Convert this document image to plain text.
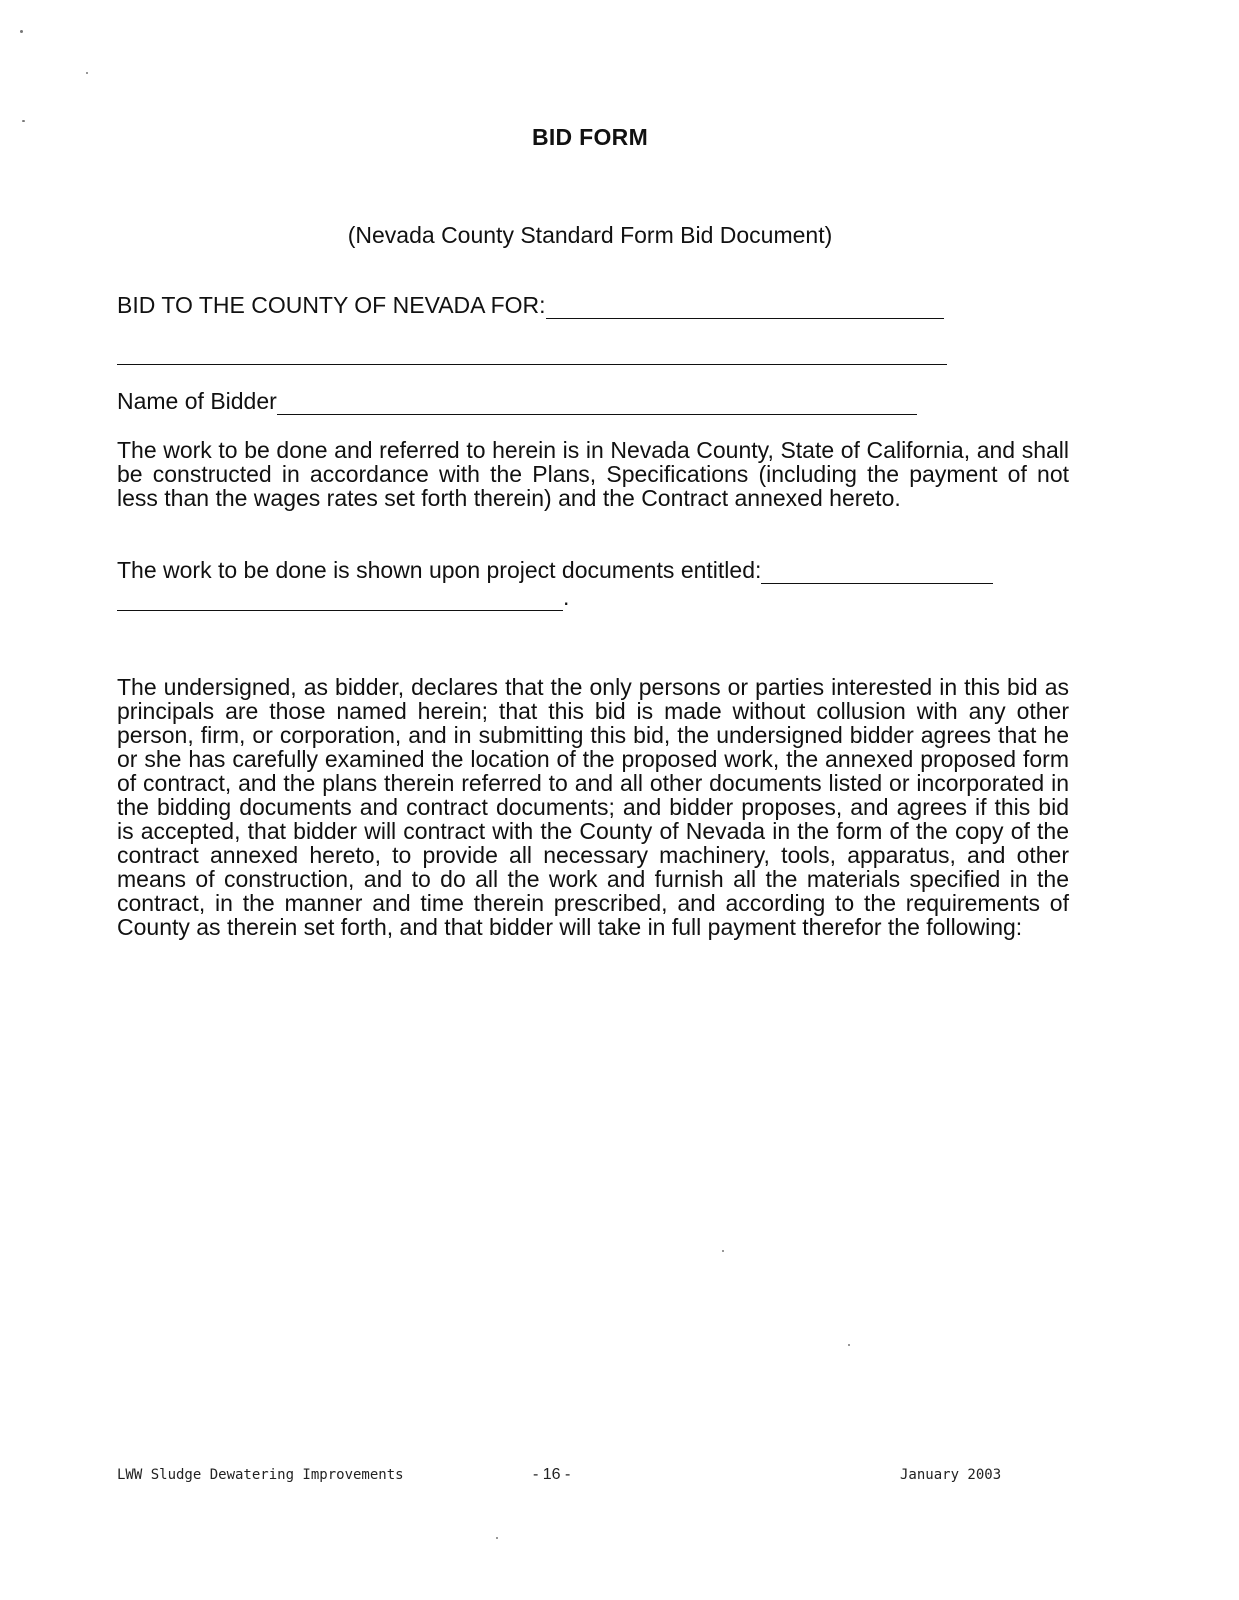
BID FORM
(Nevada County Standard Form Bid Document)
BID TO THE COUNTY OF NEVADA FOR:
Name of Bidder
The work to be done and referred to herein is in Nevada County, State of California, and shall be constructed in accordance with the Plans, Specifications (including the payment of not less than the wages rates set forth therein) and the Contract annexed hereto.
The work to be done is shown upon project documents entitled:
.
The undersigned, as bidder, declares that the only persons or parties interested in this bid as principals are those named herein; that this bid is made without collusion with any other person, firm, or corporation, and in submitting this bid, the undersigned bidder agrees that he or she has carefully examined the location of the proposed work, the annexed proposed form of contract, and the plans therein referred to and all other documents listed or incorporated in the bidding documents and contract documents; and bidder proposes, and agrees if this bid is accepted, that bidder will contract with the County of Nevada in the form of the copy of the contract annexed hereto, to provide all necessary machinery, tools, apparatus, and other means of construction, and to do all the work and furnish all the materials specified in the contract, in the manner and time therein prescribed, and according to the requirements of County as therein set forth, and that bidder will take in full payment therefor the following:
LWW Sludge Dewatering Improvements	- 16 -	January 2003
